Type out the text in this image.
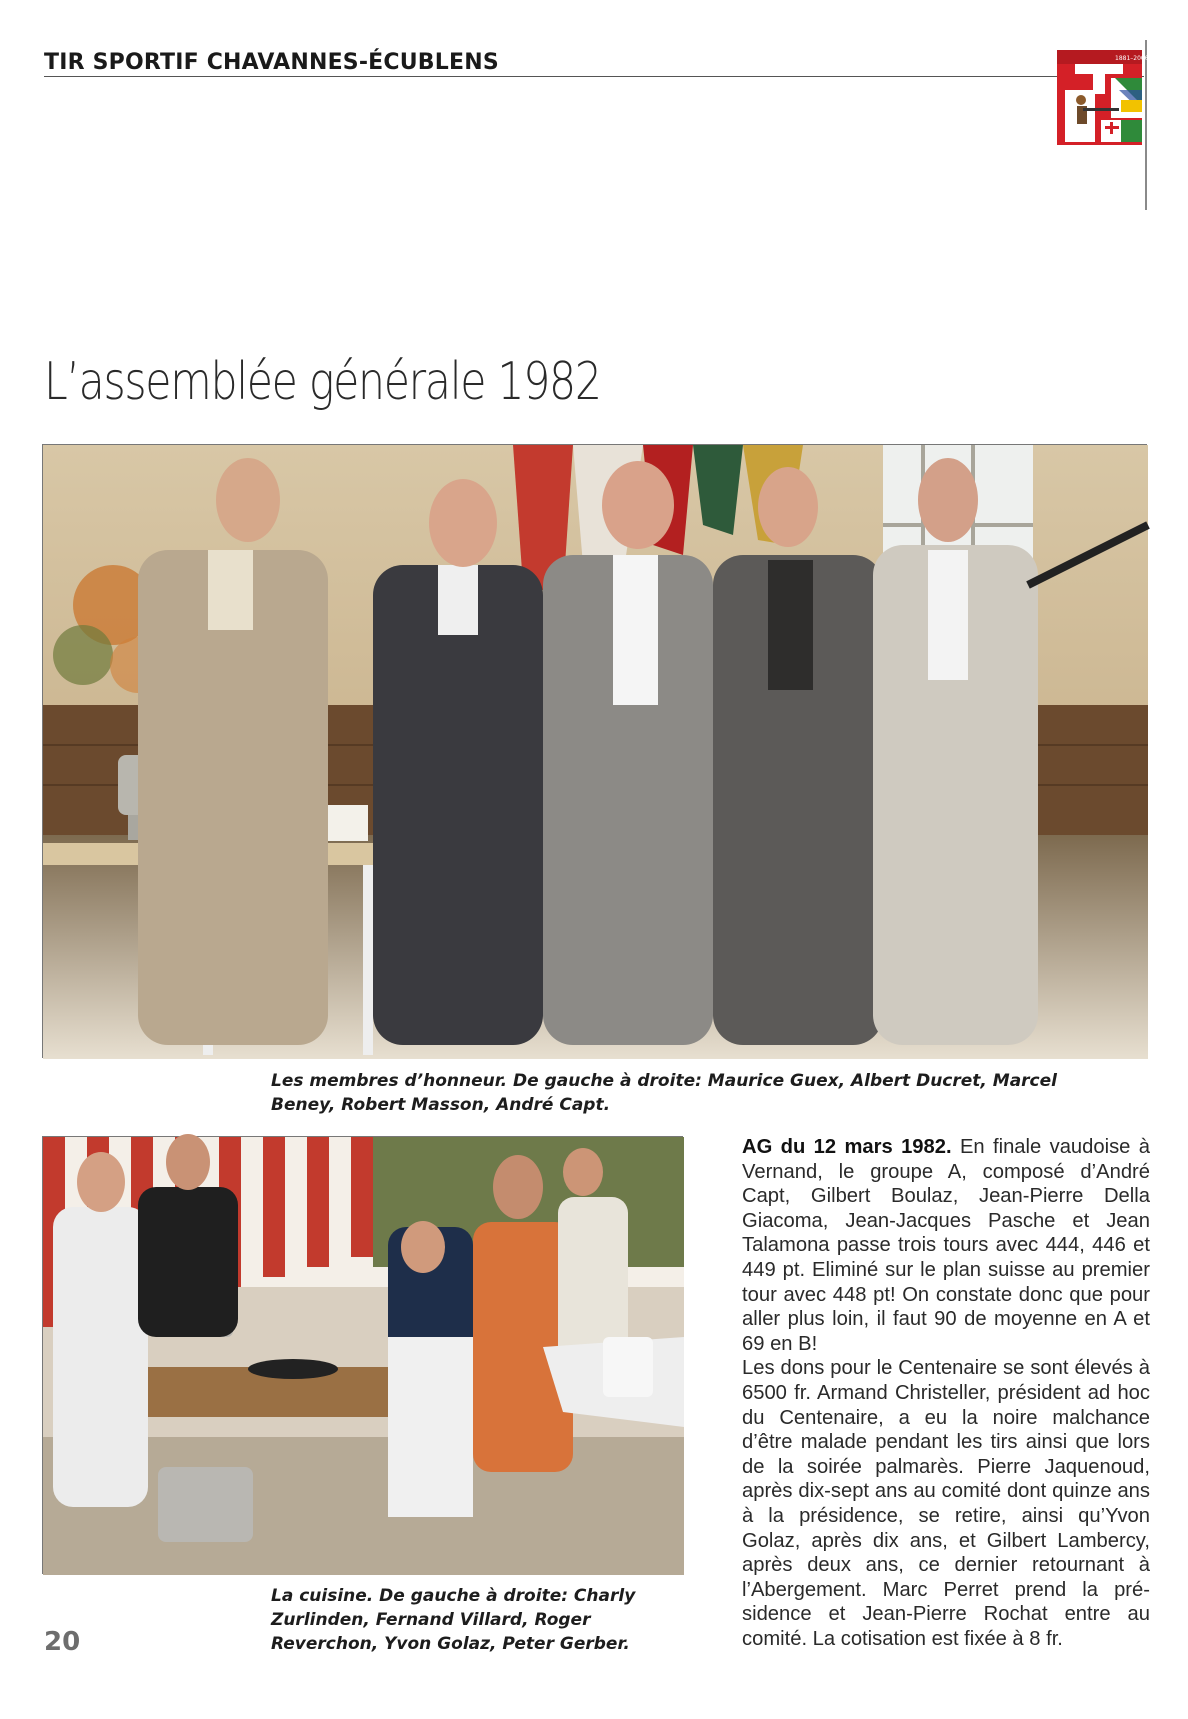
TIR SPORTIF CHAVANNES-ÉCUBLENS	1881–2006
L’assemblée générale 1982
Les membres d’honneur. De gauche à droite: Maurice Guex, Albert Ducret, Marcel Beney, Robert Masson, André Capt.
La cuisine. De gauche à droite: Charly Zurlinden, Fernand Villard, Roger Reverchon, Yvon Golaz, Peter Gerber.

AG du 12 mars 1982. En finale vaudoise à Vernand, le groupe A, composé d’André Capt, Gilbert Boulaz, Jean-Pierre Della Giacoma, Jean-Jacques Pasche et Jean Talamona passe trois tours avec 444, 446 et 449 pt. Eliminé sur le plan suisse au premier tour avec 448 pt! On constate donc que pour aller plus loin, il faut 90 de moyenne en A et 69 en B!

Les dons pour le Centenaire se sont élevés à 6500 fr. Armand Christeller, président ad hoc du Centenaire, a eu la noire malchance d’être malade pendant les tirs ainsi que lors de la soirée palmarès. Pierre Jaquenoud, après dix-sept ans au comité dont quinze ans à la présidence, se retire, ainsi qu’Yvon Golaz, après dix ans, et Gilbert Lambercy, après deux ans, ce dernier retournant à l’Abergement. Marc Perret prend la présidence et Jean-Pierre Rochat entre au comité. La cotisation est fixée à 8 fr.

20
